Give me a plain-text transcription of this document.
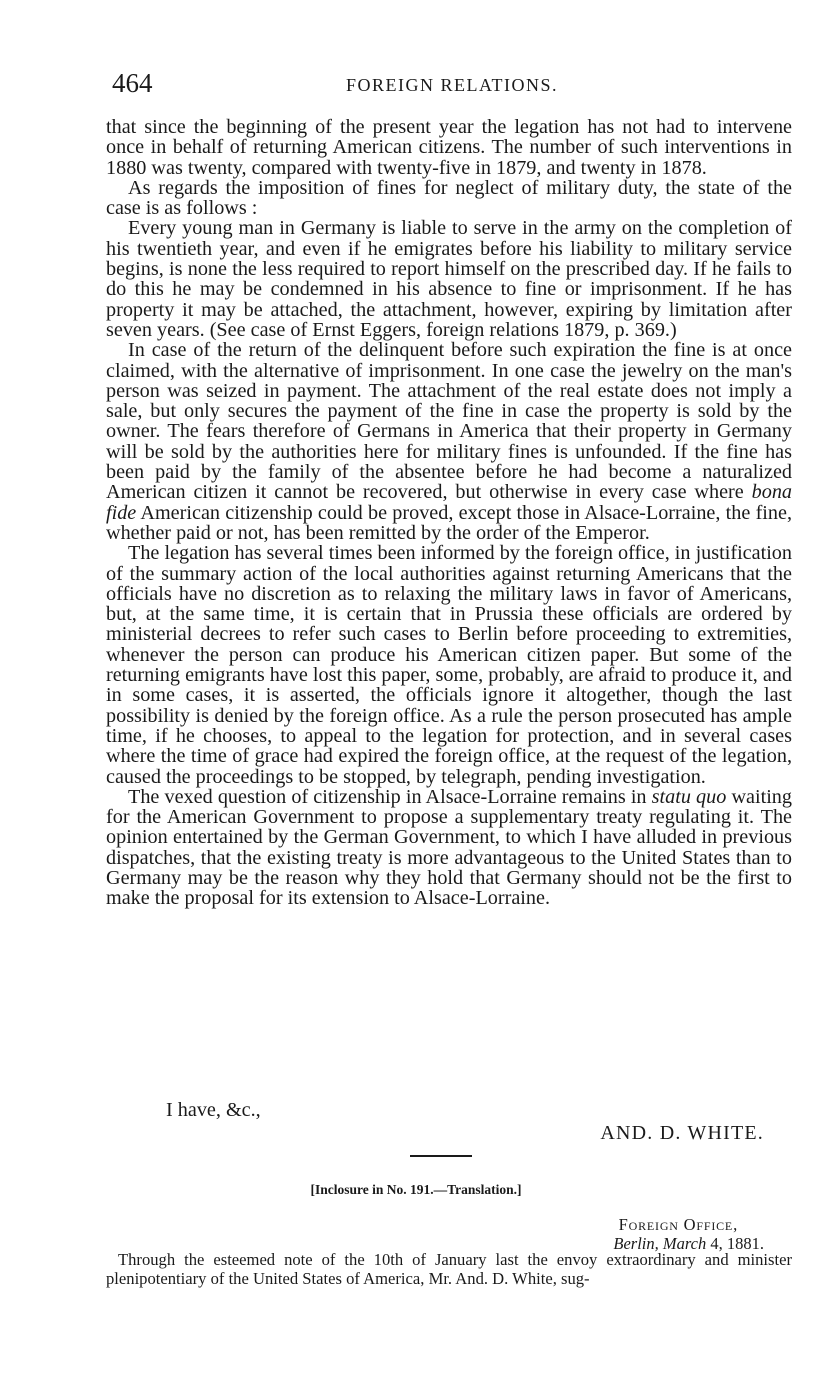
464	FOREIGN RELATIONS.

that since the beginning of the present year the legation has not had to intervene once in behalf of returning American citizens. The number of such interventions in 1880 was twenty, compared with twenty-five in 1879, and twenty in 1878.

As regards the imposition of fines for neglect of military duty, the state of the case is as follows :

Every young man in Germany is liable to serve in the army on the completion of his twentieth year, and even if he emigrates before his liability to military service begins, is none the less required to report himself on the prescribed day. If he fails to do this he may be condemned in his absence to fine or imprisonment. If he has property it may be attached, the attachment, however, expiring by limitation after seven years. (See case of Ernst Eggers, foreign relations 1879, p. 369.)

In case of the return of the delinquent before such expiration the fine is at once claimed, with the alternative of imprisonment. In one case the jewelry on the man's person was seized in payment. The attachment of the real estate does not imply a sale, but only secures the payment of the fine in case the property is sold by the owner. The fears therefore of Germans in America that their property in Germany will be sold by the authorities here for military fines is unfounded. If the fine has been paid by the family of the absentee before he had become a naturalized American citizen it cannot be recovered, but otherwise in every case where bona fide American citizenship could be proved, except those in Alsace-Lorraine, the fine, whether paid or not, has been remitted by the order of the Emperor.

The legation has several times been informed by the foreign office, in justification of the summary action of the local authorities against returning Americans that the officials have no discretion as to relaxing the military laws in favor of Americans, but, at the same time, it is certain that in Prussia these officials are ordered by ministerial decrees to refer such cases to Berlin before proceeding to extremities, whenever the person can produce his American citizen paper. But some of the returning emigrants have lost this paper, some, probably, are afraid to produce it, and in some cases, it is asserted, the officials ignore it altogether, though the last possibility is denied by the foreign office. As a rule the person prosecuted has ample time, if he chooses, to appeal to the legation for protection, and in several cases where the time of grace had expired the foreign office, at the request of the legation, caused the proceedings to be stopped, by telegraph, pending investigation.

The vexed question of citizenship in Alsace-Lorraine remains in statu quo waiting for the American Government to propose a supplementary treaty regulating it. The opinion entertained by the German Government, to which I have alluded in previous dispatches, that the existing treaty is more advantageous to the United States than to Germany may be the reason why they hold that Germany should not be the first to make the proposal for its extension to Alsace-Lorraine.

I have, &c.,
AND. D. WHITE.
[Inclosure in No. 191.—Translation.]
Foreign Office,
Berlin, March 4, 1881.

Through the esteemed note of the 10th of January last the envoy extraordinary and minister plenipotentiary of the United States of America, Mr. And. D. White, sug-
